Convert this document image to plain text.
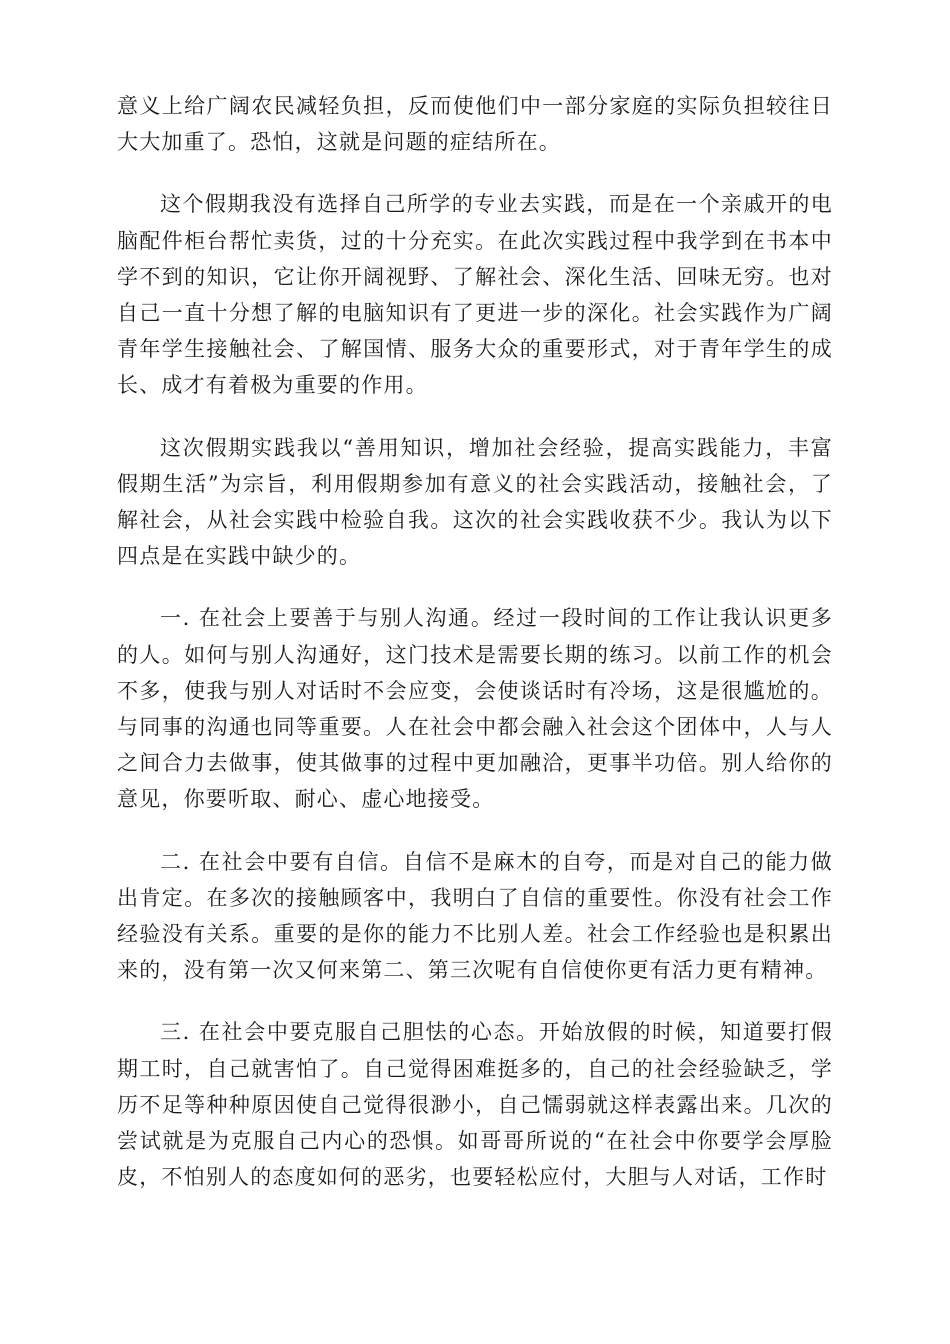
意义上给广阔农民减轻负担，反而使他们中一部分家庭的实际负担较往日大大加重了。恐怕，这就是问题的症结所在。

这个假期我没有选择自己所学的专业去实践，而是在一个亲戚开的电脑配件柜台帮忙卖货，过的十分充实。在此次实践过程中我学到在书本中学不到的知识，它让你开阔视野、了解社会、深化生活、回味无穷。也对自己一直十分想了解的电脑知识有了更进一步的深化。社会实践作为广阔青年学生接触社会、了解国情、服务大众的重要形式，对于青年学生的成长、成才有着极为重要的作用。

这次假期实践我以“善用知识，增加社会经验，提高实践能力，丰富假期生活”为宗旨，利用假期参加有意义的社会实践活动，接触社会，了解社会，从社会实践中检验自我。这次的社会实践收获不少。我认为以下四点是在实践中缺少的。

一. 在社会上要善于与别人沟通。经过一段时间的工作让我认识更多的人。如何与别人沟通好，这门技术是需要长期的练习。以前工作的机会不多，使我与别人对话时不会应变，会使谈话时有冷场，这是很尴尬的。与同事的沟通也同等重要。人在社会中都会融入社会这个团体中，人与人之间合力去做事，使其做事的过程中更加融洽，更事半功倍。别人给你的意见，你要听取、耐心、虚心地接受。

二. 在社会中要有自信。自信不是麻木的自夸，而是对自己的能力做出肯定。在多次的接触顾客中，我明白了自信的重要性。你没有社会工作经验没有关系。重要的是你的能力不比别人差。社会工作经验也是积累出来的，没有第一次又何来第二、第三次呢有自信使你更有活力更有精神。

三. 在社会中要克服自己胆怯的心态。开始放假的时候，知道要打假期工时，自己就害怕了。自己觉得困难挺多的，自己的社会经验缺乏，学历不足等种种原因使自己觉得很渺小，自己懦弱就这样表露出来。几次的尝试就是为克服自己内心的恐惧。如哥哥所说的“在社会中你要学会厚脸皮，不怕别人的态度如何的恶劣，也要轻松应付，大胆与人对话，工作时
